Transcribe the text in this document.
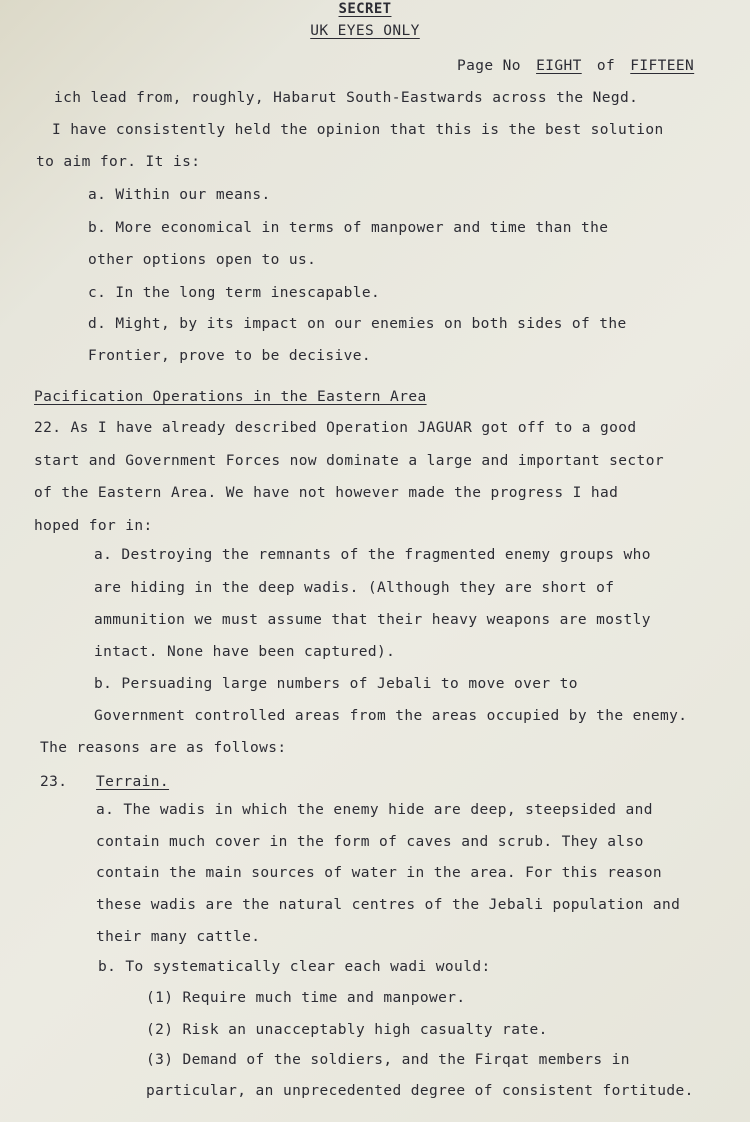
SECRET
UK EYES ONLY
Page No EIGHT of FIFTEEN
ich lead from, roughly, Habarut South-Eastwards across the Negd.
I have consistently held the opinion that this is the best solution
to aim for. It is:
a. Within our means.
b. More economical in terms of manpower and time than the
other options open to us.
c. In the long term inescapable.
d. Might, by its impact on our enemies on both sides of the
Frontier, prove to be decisive.
Pacification Operations in the Eastern Area
22. As I have already described Operation JAGUAR got off to a good
start and Government Forces now dominate a large and important sector
of the Eastern Area. We have not however made the progress I had
hoped for in:
a. Destroying the remnants of the fragmented enemy groups who
are hiding in the deep wadis. (Although they are short of
ammunition we must assume that their heavy weapons are mostly
intact. None have been captured).
b. Persuading large numbers of Jebali to move over to
Government controlled areas from the areas occupied by the enemy.
The reasons are as follows:
23. Terrain.
a. The wadis in which the enemy hide are deep, steepsided and
contain much cover in the form of caves and scrub. They also
contain the main sources of water in the area. For this reason
these wadis are the natural centres of the Jebali population and
their many cattle.
b. To systematically clear each wadi would:
(1) Require much time and manpower.
(2) Risk an unacceptably high casualty rate.
(3) Demand of the soldiers, and the Firqat members in
particular, an unprecedented degree of consistent fortitude.
